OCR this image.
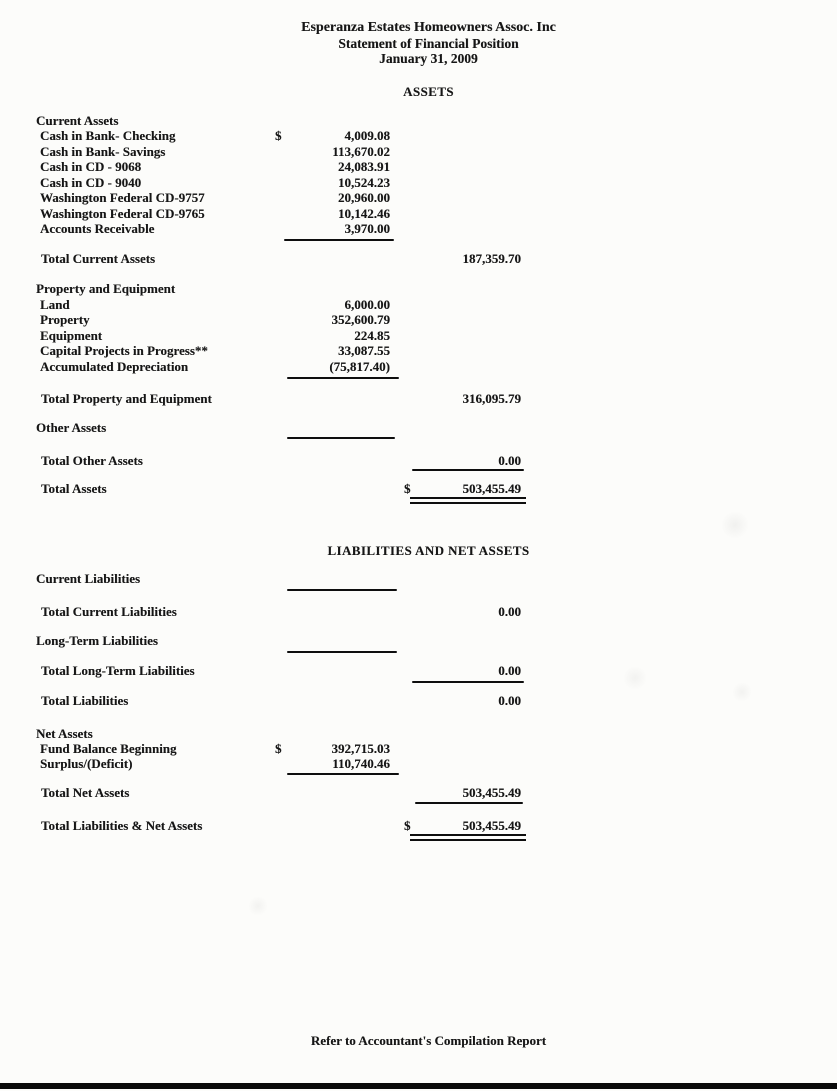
Esperanza Estates Homeowners Assoc. Inc
Statement of Financial Position
January 31, 2009
ASSETS
Current Assets
Cash in Bank- Checking	$	4,009.08
Cash in Bank- Savings	113,670.02
Cash in CD - 9068	24,083.91
Cash in CD - 9040	10,524.23
Washington Federal CD-9757	20,960.00
Washington Federal CD-9765	10,142.46
Accounts Receivable	3,970.00
Total Current Assets	187,359.70
Property and Equipment
Land	6,000.00
Property	352,600.79
Equipment	224.85
Capital Projects in Progress**	33,087.55
Accumulated Depreciation	(75,817.40)
Total Property and Equipment	316,095.79
Other Assets
Total Other Assets	0.00
Total Assets	$	503,455.49
LIABILITIES AND NET ASSETS
Current Liabilities
Total Current Liabilities	0.00
Long-Term Liabilities
Total Long-Term Liabilities	0.00
Total Liabilities	0.00
Net Assets
Fund Balance Beginning	$	392,715.03
Surplus/(Deficit)	110,740.46
Total Net Assets	503,455.49
Total Liabilities & Net Assets	$	503,455.49
Refer to Accountant's Compilation Report
